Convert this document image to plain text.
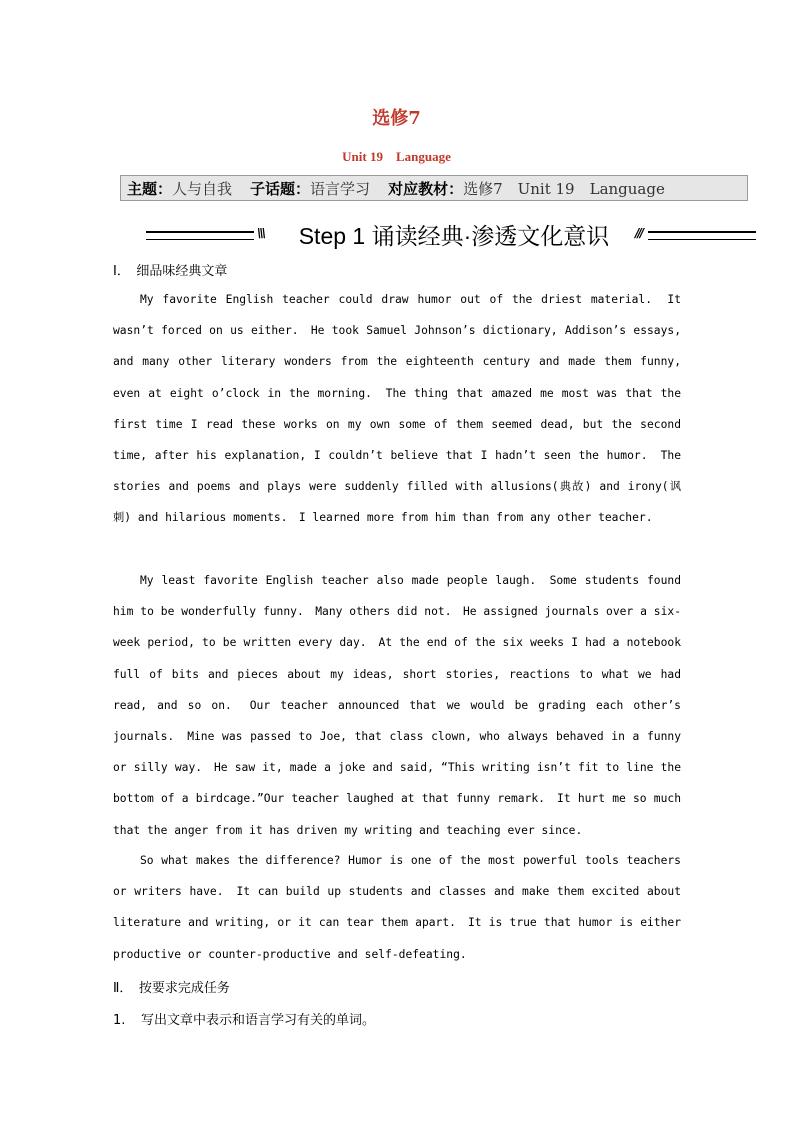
选修7
Unit 19　Language
主题： 人与自我 子话题： 语言学习 对应教材： 选修7　Unit 19　Language
\\\	Step 1 诵读经典·渗透文化意识	///
Ⅰ．　细品味经典文章

My favorite English teacher could draw humor out of the driest material.　It wasn’t forced on us either.　He took Samuel Johnson’s dictionary, Addison’s essays, and many other literary wonders from the eighteenth century and made them funny, even at eight o’clock in the morning.　The thing that amazed me most was that the first time I read these works on my own some of them seemed dead, but the second time, after his explanation, I couldn’t believe that I hadn’t seen the humor.　The stories and poems and plays were suddenly filled with allusions(典故) and irony(讽刺) and hilarious moments.　I learned more from him than from any other teacher.

My least favorite English teacher also made people laugh.　Some students found him to be wonderfully funny.　Many others did not.　He assigned journals over a six-week period, to be written every day.　At the end of the six weeks I had a notebook full of bits and pieces about my ideas, short stories, reactions to what we had read, and so on.　Our teacher announced that we would be grading each other’s journals.　Mine was passed to Joe, that class clown, who always behaved in a funny or silly way.　He saw it, made a joke and said, “This writing isn’t fit to line the bottom of a birdcage.”Our teacher laughed at that funny remark.　It hurt me so much that the anger from it has driven my writing and teaching ever since.

So what makes the difference? Humor is one of the most powerful tools teachers or writers have.　It can build up students and classes and make them excited about literature and writing, or it can tear them apart.　It is true that humor is either productive or counter-productive and self-defeating.

Ⅱ．　按要求完成任务
1. 写出文章中表示和语言学习有关的单词。
